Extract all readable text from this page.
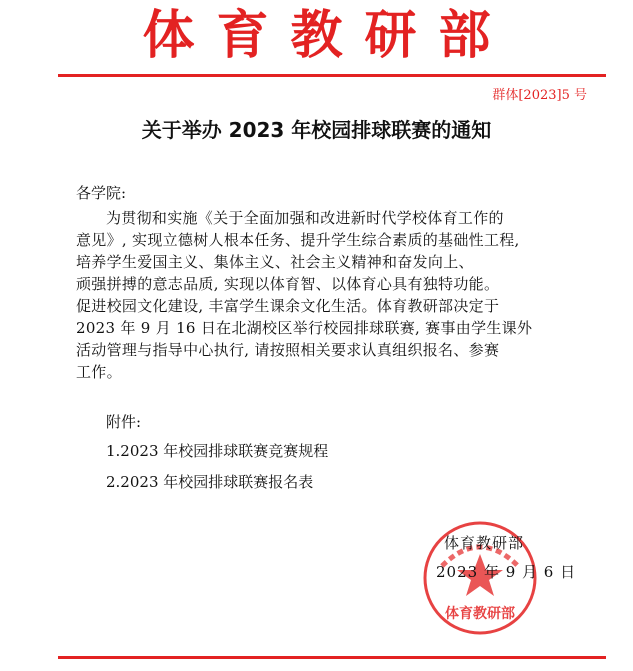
体育教研部
群体[2023]5 号
关于举办 2023 年校园排球联赛的通知
各学院:
为贯彻和实施《关于全面加强和改进新时代学校体育工作的
意见》, 实现立德树人根本任务、提升学生综合素质的基础性工程,
培养学生爱国主义、集体主义、社会主义精神和奋发向上、
顽强拼搏的意志品质, 实现以体育智、以体育心具有独特功能。
促进校园文化建设, 丰富学生课余文化生活。体育教研部决定于
2023 年 9 月 16 日在北湖校区举行校园排球联赛, 赛事由学生课外
活动管理与指导中心执行, 请按照相关要求认真组织报名、参赛
工作。
附件:
1.2023 年校园排球联赛竞赛规程
2.2023 年校园排球联赛报名表
体育教研部
体育教研部
2023 年 9 月 6 日
